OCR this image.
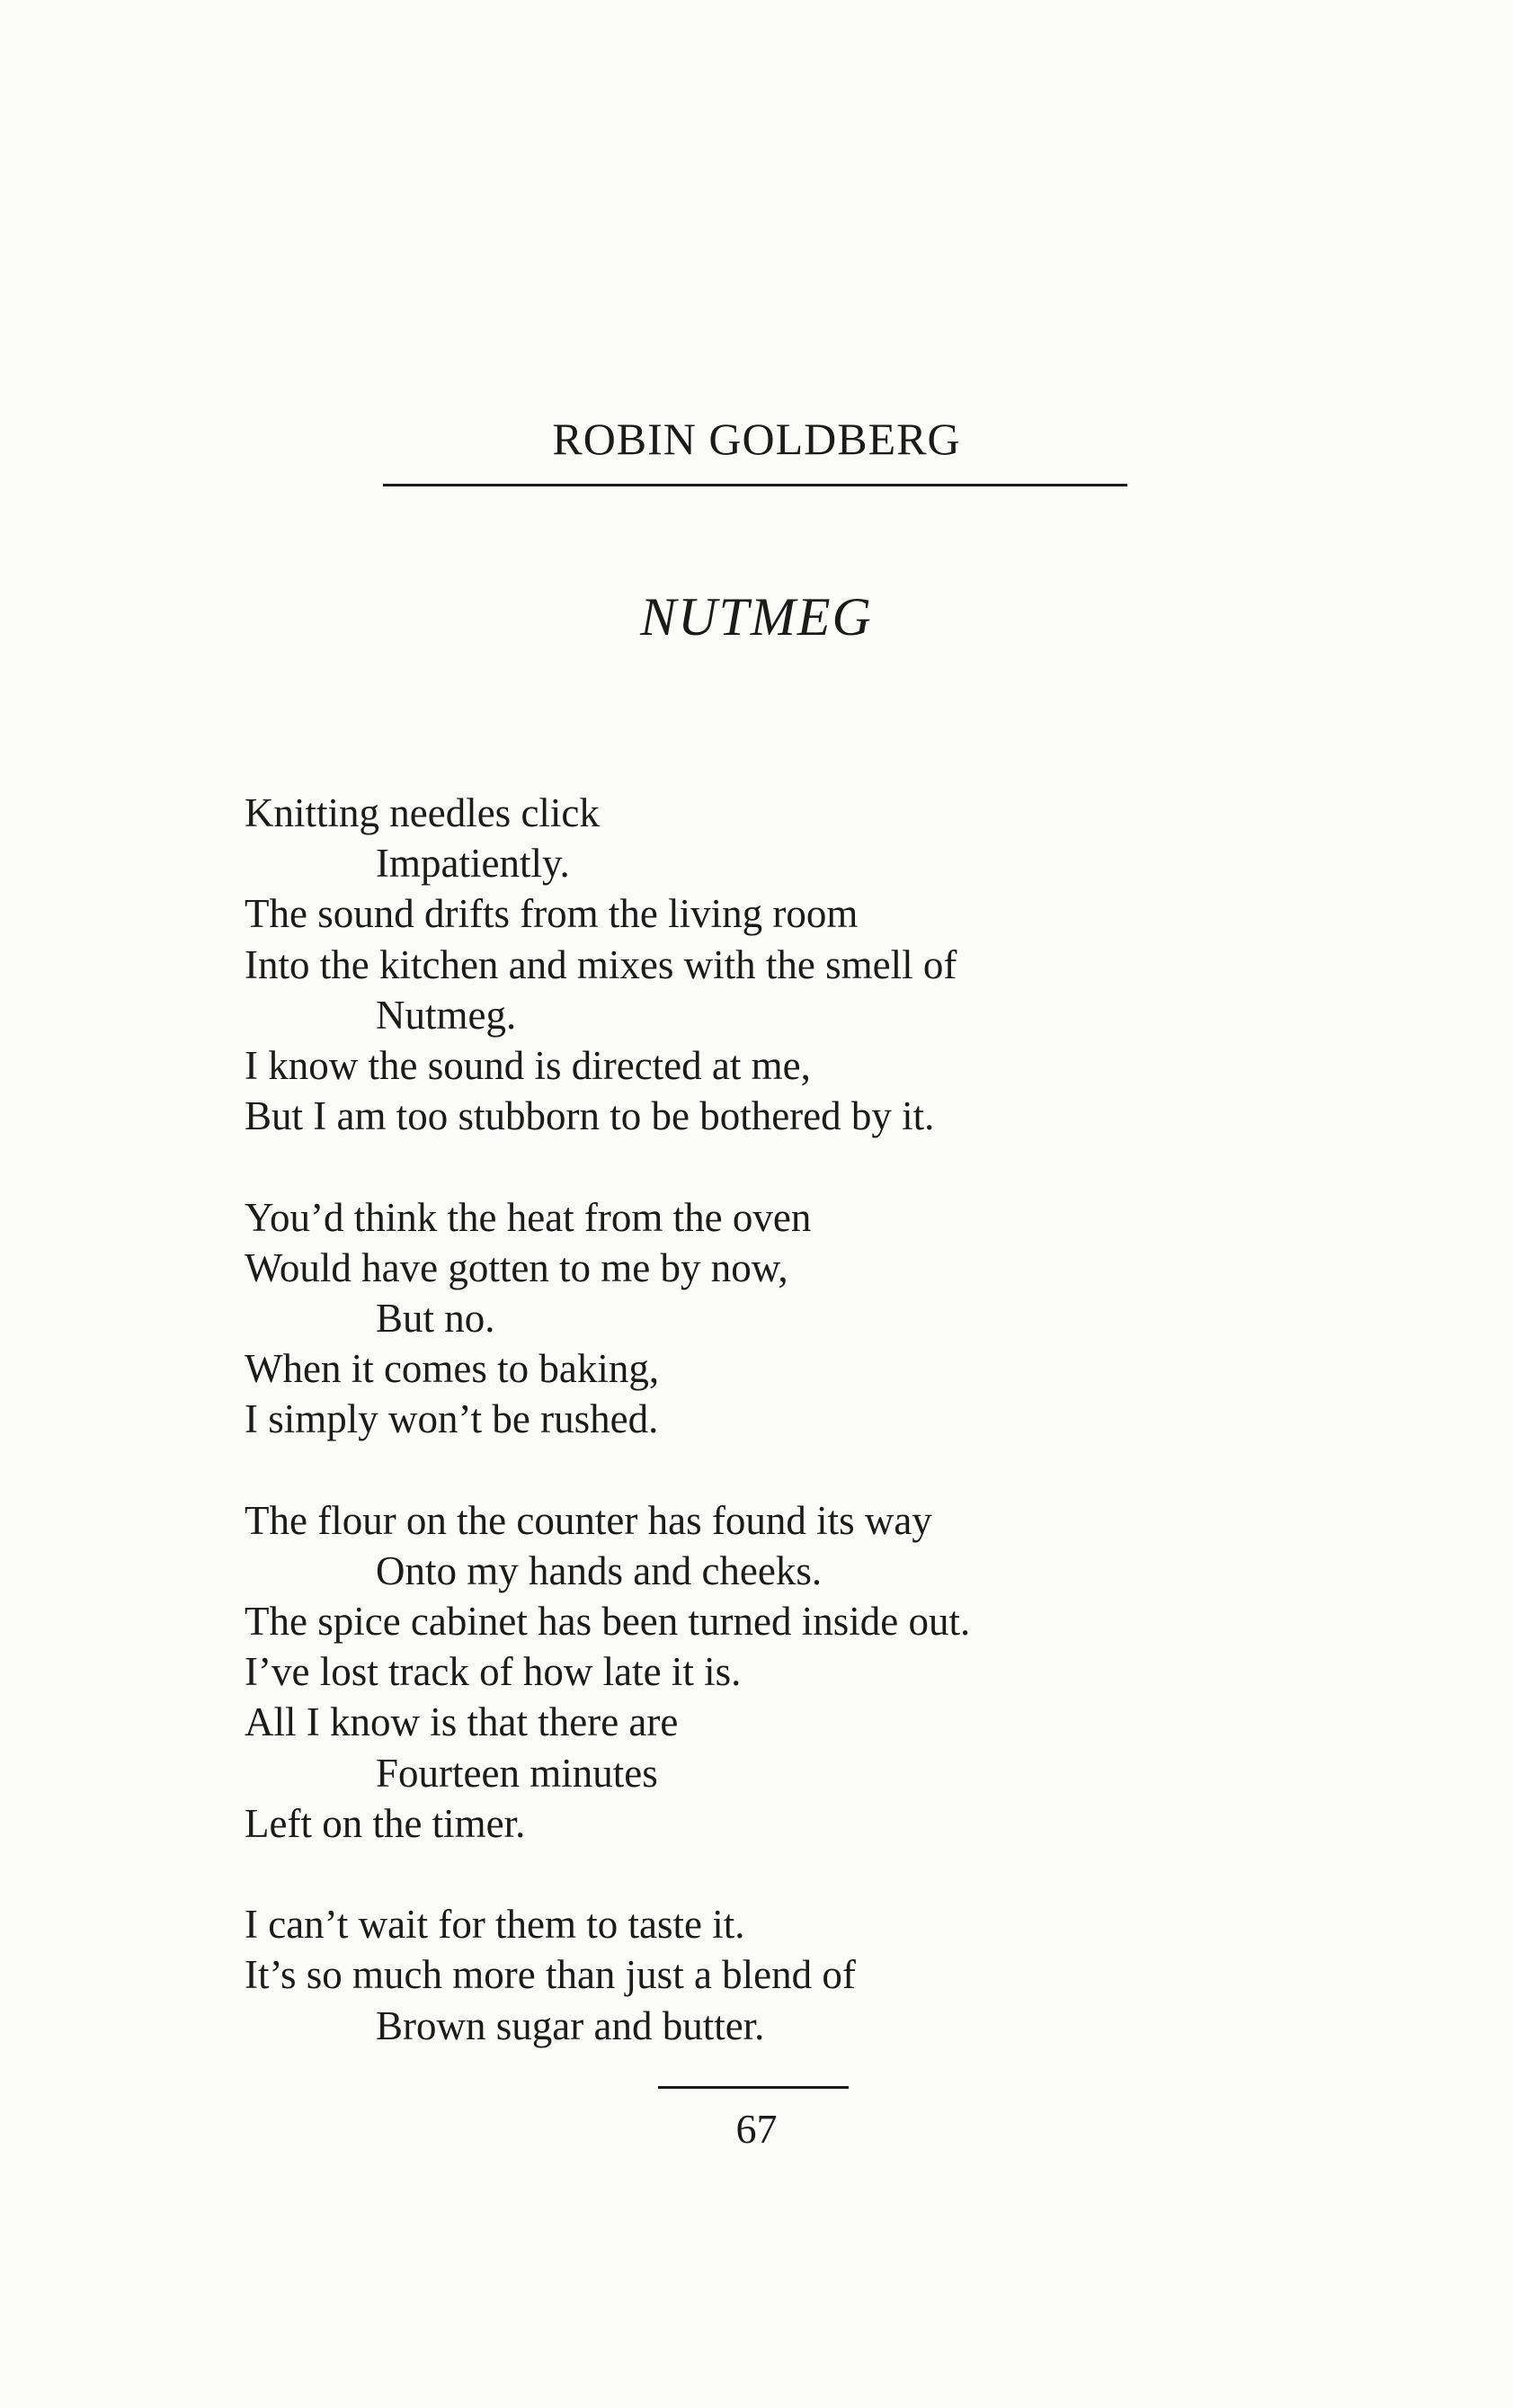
ROBIN GOLDBERG
NUTMEG
Knitting needles click
Impatiently.
The sound drifts from the living room
Into the kitchen and mixes with the smell of
Nutmeg.
I know the sound is directed at me,
But I am too stubborn to be bothered by it.
You’d think the heat from the oven
Would have gotten to me by now,
But no.
When it comes to baking,
I simply won’t be rushed.
The flour on the counter has found its way
Onto my hands and cheeks.
The spice cabinet has been turned inside out.
I’ve lost track of how late it is.
All I know is that there are
Fourteen minutes
Left on the timer.
I can’t wait for them to taste it.
It’s so much more than just a blend of
Brown sugar and butter.
67
